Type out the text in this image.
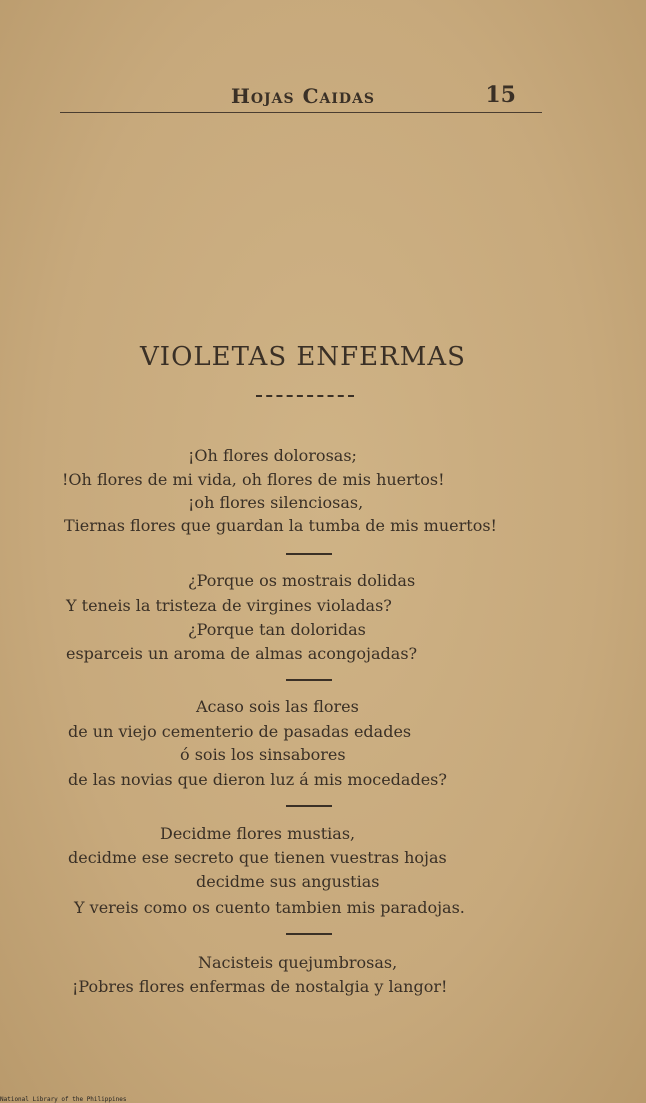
Hojas Caidas	15
VIOLETAS ENFERMAS
¡Oh flores dolorosas;
!Oh flores de mi vida, oh flores de mis huertos!
¡oh flores silenciosas,
Tiernas flores que guardan la tumba de mis muertos!
¿Porque os mostrais dolidas
Y teneis la tristeza de virgines violadas?
¿Porque tan doloridas
esparceis un aroma de almas acongojadas?
Acaso sois las flores
de un viejo cementerio de pasadas edades
ó sois los sinsabores
de las novias que dieron luz á mis mocedades?
Decidme flores mustias,
decidme ese secreto que tienen vuestras hojas
decidme sus angustias
Y vereis como os cuento tambien mis paradojas.
Nacisteis quejumbrosas,
¡Pobres flores enfermas de nostalgia y langor!
National Library of the Philippines
